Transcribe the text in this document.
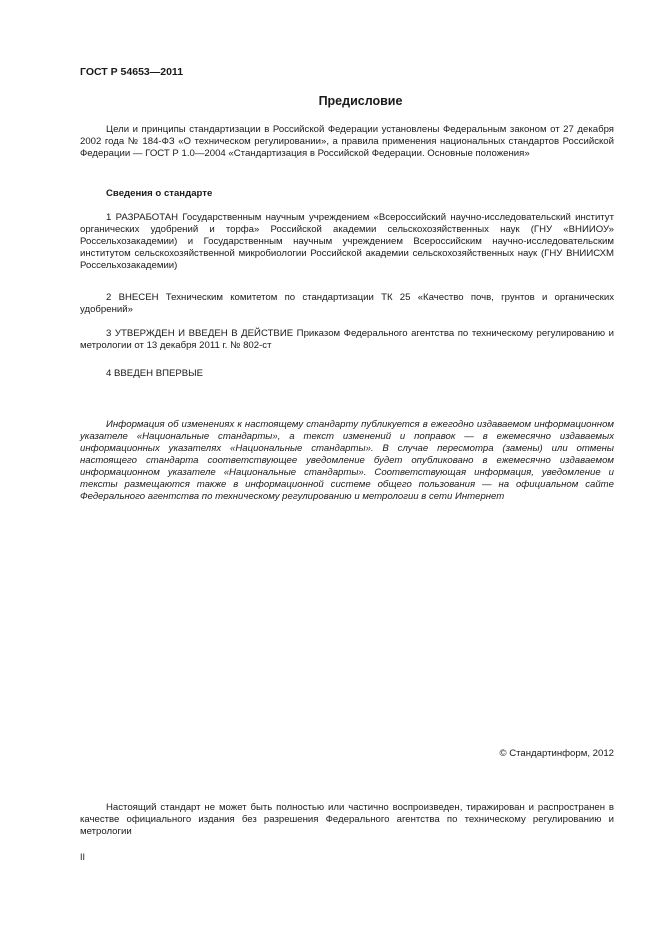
ГОСТ Р 54653—2011
Предисловие

Цели и принципы стандартизации в Российской Федерации установлены Федеральным законом от 27 декабря 2002 года № 184-ФЗ «О техническом регулировании», а правила применения национальных стандартов Российской Федерации — ГОСТ Р 1.0—2004 «Стандартизация в Российской Федерации. Основные положения»

Сведения о стандарте

1 РАЗРАБОТАН Государственным научным учреждением «Всероссийский научно-исследовательский институт органических удобрений и торфа» Российской академии сельскохозяйственных наук (ГНУ «ВНИИОУ» Россельхозакадемии) и Государственным научным учреждением Всероссийским научно-исследовательским институтом сельскохозяйственной микробиологии Российской академии сельскохозяйственных наук (ГНУ ВНИИСХМ Россельхозакадемии)

2 ВНЕСЕН Техническим комитетом по стандартизации ТК 25 «Качество почв, грунтов и органических удобрений»

3 УТВЕРЖДЕН И ВВЕДЕН В ДЕЙСТВИЕ Приказом Федерального агентства по техническому регулированию и метрологии от 13 декабря 2011 г. № 802-ст

4 ВВЕДЕН ВПЕРВЫЕ

Информация об изменениях к настоящему стандарту публикуется в ежегодно издаваемом информационном указателе «Национальные стандарты», а текст изменений и поправок — в ежемесячно издаваемых информационных указателях «Национальные стандарты». В случае пересмотра (замены) или отмены настоящего стандарта соответствующее уведомление будет опубликовано в ежемесячно издаваемом информационном указателе «Национальные стандарты». Соответствующая информация, уведомление и тексты размещаются также в информационной системе общего пользования — на официальном сайте Федерального агентства по техническому регулированию и метрологии в сети Интернет

© Стандартинформ, 2012

Настоящий стандарт не может быть полностью или частично воспроизведен, тиражирован и распространен в качестве официального издания без разрешения Федерального агентства по техническому регулированию и метрологии

II
